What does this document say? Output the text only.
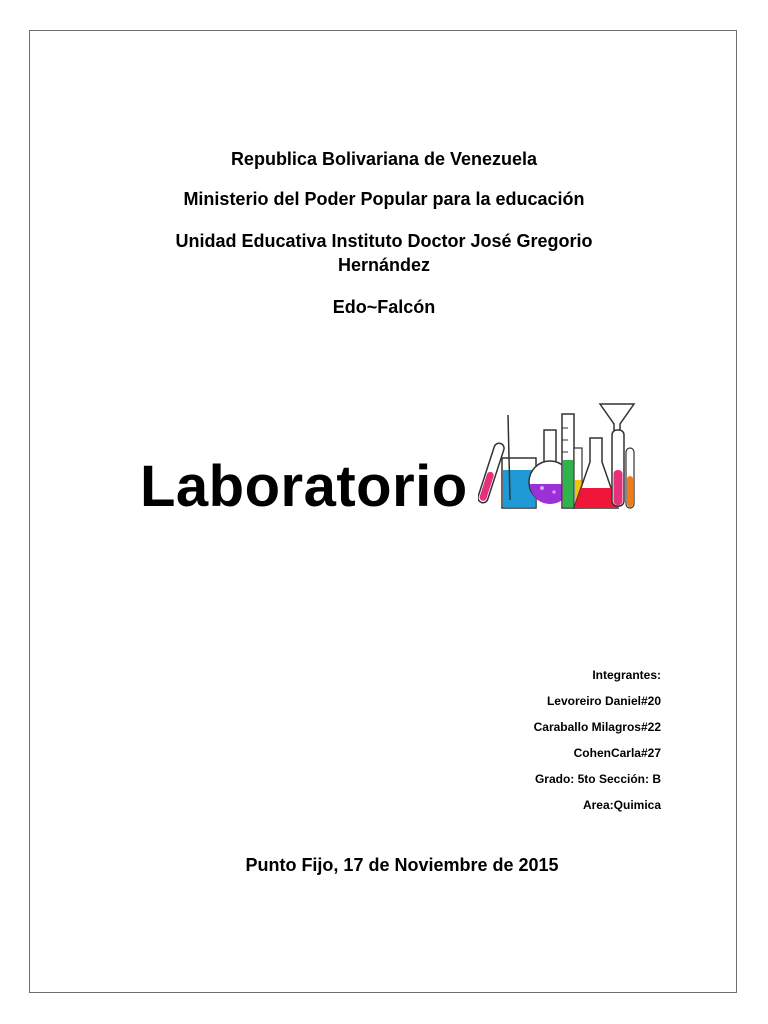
Republica Bolivariana de Venezuela
Ministerio del Poder Popular para la educación
Unidad Educativa Instituto Doctor José Gregorio
Hernández
Edo~Falcón
Laboratorio
Integrantes:
Levoreiro Daniel#20
Caraballo Milagros#22
CohenCarla#27
Grado: 5to Sección: B
Area:Quimica
Punto Fijo, 17 de Noviembre de 2015
